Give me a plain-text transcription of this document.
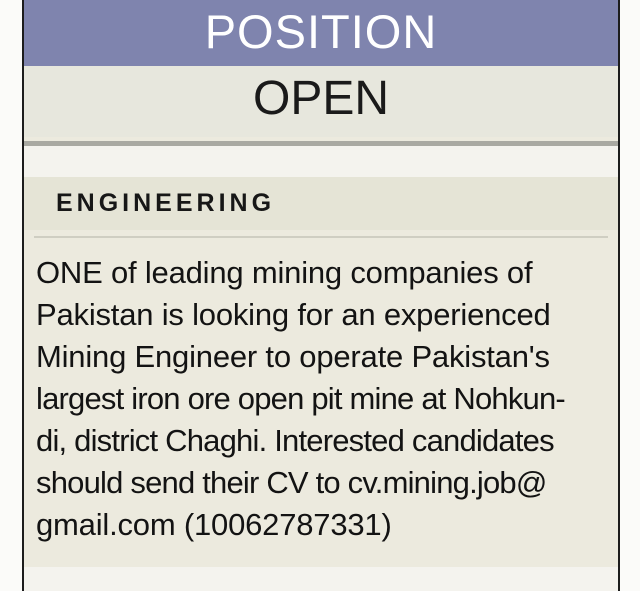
POSITION
OPEN
ENGINEERING
ONE of leading mining companies of
Pakistan is looking for an experienced
Mining Engineer to operate Pakistan's
largest iron ore open pit mine at Nohkun-
di, district Chaghi. Interested candidates
should send their CV to cv.mining.job@
gmail.com (10062787331)
